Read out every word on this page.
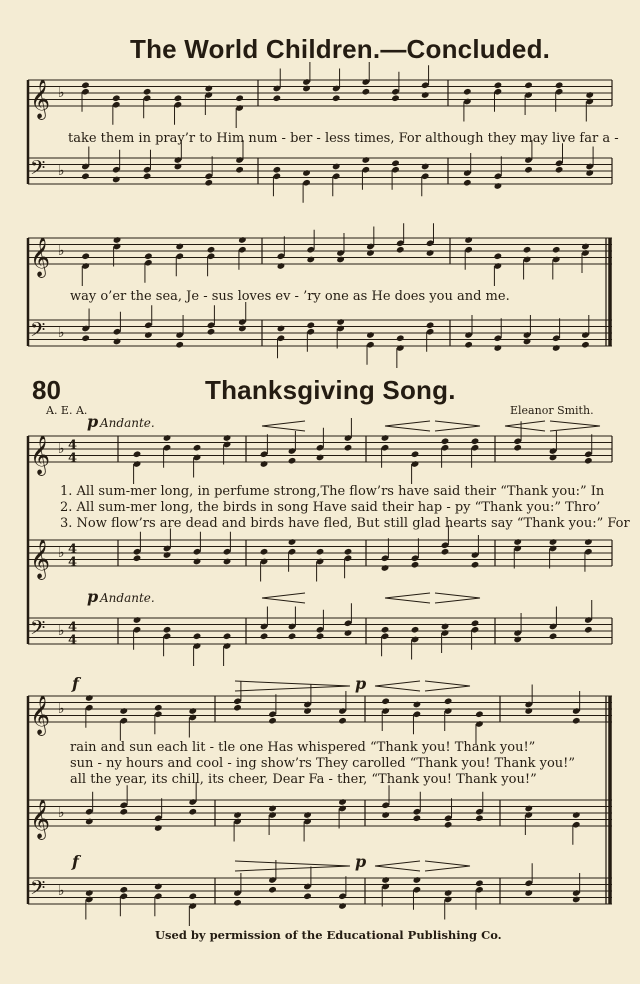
𝄞 ♭
𝄢 ♭
𝄞 ♭
𝄢 ♭
𝄞 ♭ 4
4
𝄞 ♭ 4
4
𝄢 ♭ 4
4
𝄞 ♭
𝄞 ♭
𝄢 ♭
The World Children.—Concluded.
take them in pray’r to Him num - ber - less times, For although they may live far a -
way o’er the sea, Je - sus loves ev - ’ry one as He does you and me.
80	Thanksgiving Song.
A. E. A.	Eleanor Smith.
p Andante.
1. All sum-mer long, in perfume strong,The flow’rs have said their “Thank you:” In
2. All sum-mer long, the birds in song Have said their hap - py “Thank you:” Thro’
3. Now flow’rs are dead and birds have fled, But still glad hearts say “Thank you:” For
p Andante.
f	p
rain and sun each lit - tle one Has whispered “Thank you! Thank you!”
sun - ny hours and cool - ing show’rs They carolled “Thank you! Thank you!”
all the year, its chill, its cheer, Dear Fa - ther, “Thank you! Thank you!”
f	p
Used by permission of the Educational Publishing Co.
